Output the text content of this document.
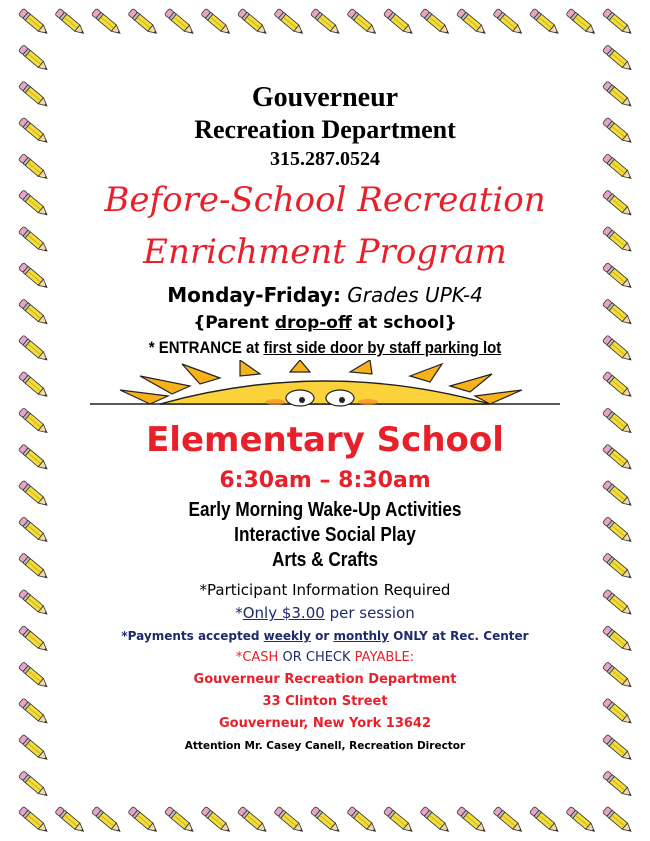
Gouverneur
Recreation Department
315.287.0524
Before-School Recreation
Enrichment Program
Monday-Friday: Grades UPK-4
{Parent drop-off at school}
* ENTRANCE at first side door by staff parking lot
Elementary School
6:30am – 8:30am
Early Morning Wake-Up Activities
Interactive Social Play
Arts & Crafts
*Participant Information Required
*Only $3.00 per session
*Payments accepted weekly or monthly ONLY at Rec. Center
*CASH OR CHECK PAYABLE:
Gouverneur Recreation Department
33 Clinton Street
Gouverneur, New York 13642
Attention Mr. Casey Canell, Recreation Director
